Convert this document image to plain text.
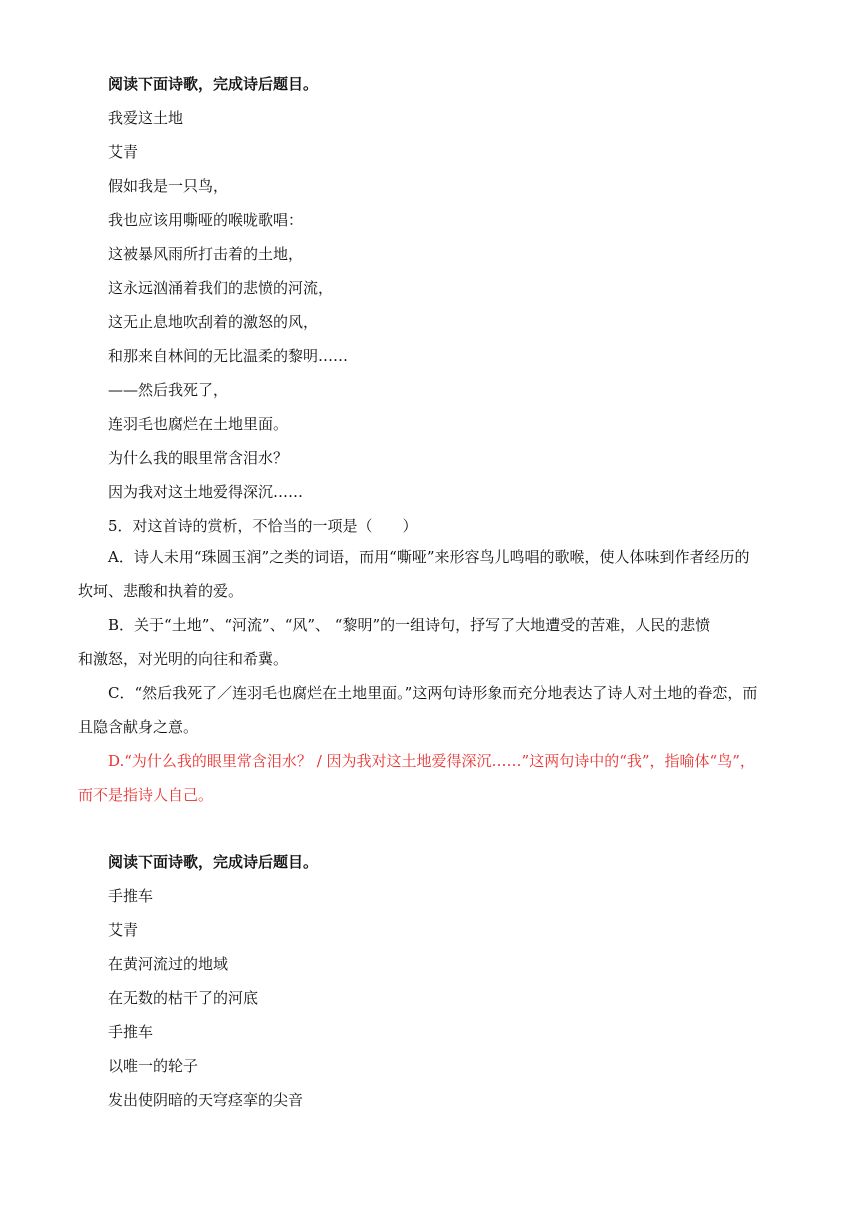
阅读下面诗歌，完成诗后题目。
我爱这土地
艾青
假如我是一只鸟，
我也应该用嘶哑的喉咙歌唱：
这被暴风雨所打击着的土地，
这永远汹涌着我们的悲愤的河流，
这无止息地吹刮着的激怒的风，
和那来自林间的无比温柔的黎明……
——然后我死了，
连羽毛也腐烂在土地里面。
为什么我的眼里常含泪水？
因为我对这土地爱得深沉……
5．对这首诗的赏析，不恰当的一项是（　　）
A．诗人未用“珠圆玉润”之类的词语，而用“嘶哑”来形容鸟儿鸣唱的歌喉，使人体味到作者经历的
坎坷、悲酸和执着的爱。
B．关于“土地”、“河流”、“风”、 “黎明”的一组诗句，抒写了大地遭受的苦难，人民的悲愤
和激怒，对光明的向往和希冀。
C．“然后我死了／连羽毛也腐烂在土地里面。”这两句诗形象而充分地表达了诗人对土地的眷恋，而
且隐含献身之意。
D.“为什么我的眼里常含泪水？ / 因为我对这土地爱得深沉……”这两句诗中的“我”，指喻体“鸟”，
而不是指诗人自己。
阅读下面诗歌，完成诗后题目。
手推车
艾青
在黄河流过的地域
在无数的枯干了的河底
手推车
以唯一的轮子
发出使阴暗的天穹痉挛的尖音
